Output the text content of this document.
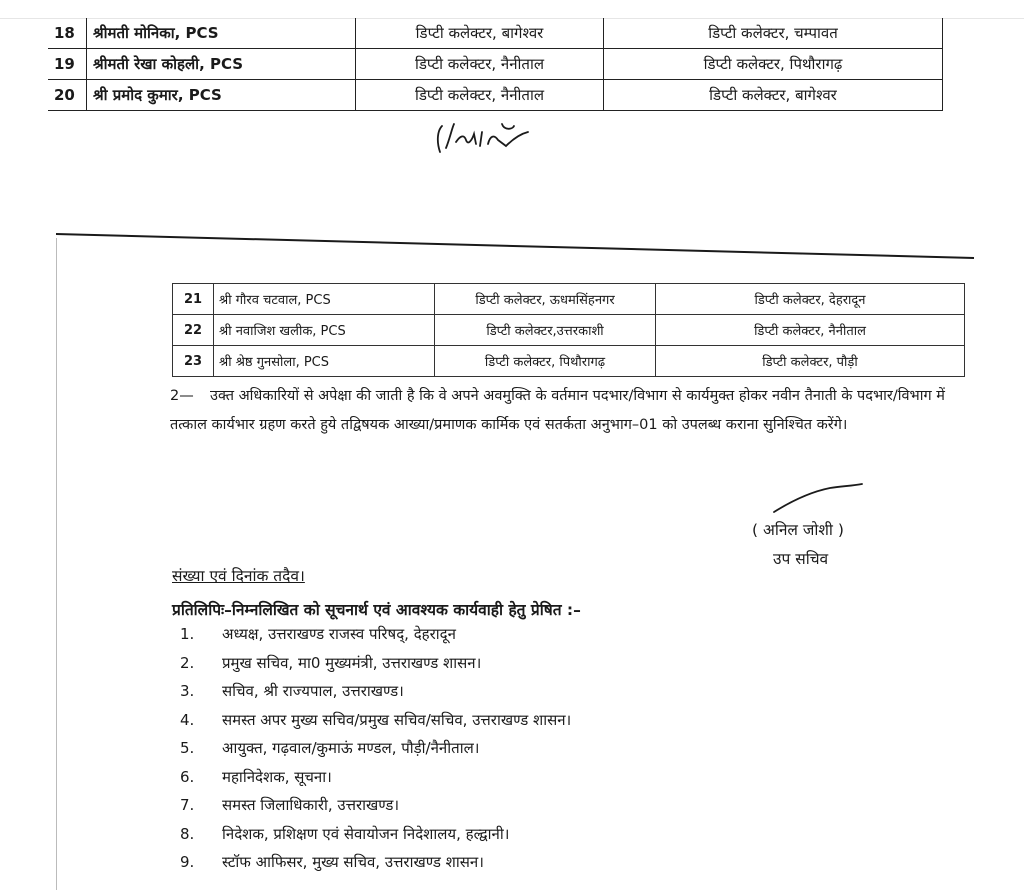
18	श्रीमती मोनिका, PCS	डिप्टी कलेक्टर, बागेश्वर	डिप्टी कलेक्टर, चम्पावत
19	श्रीमती रेखा कोहली, PCS	डिप्टी कलेक्टर, नैनीताल	डिप्टी कलेक्टर, पिथौरागढ़
20	श्री प्रमोद कुमार, PCS	डिप्टी कलेक्टर, नैनीताल	डिप्टी कलेक्टर, बागेश्वर
21	श्री गौरव चटवाल, PCS	डिप्टी कलेक्टर, ऊधमसिंहनगर	डिप्टी कलेक्टर, देहरादून
22	श्री नवाजिश खलीक, PCS	डिप्टी कलेक्टर,उत्तरकाशी	डिप्टी कलेक्टर, नैनीताल
23	श्री श्रेष्ठ गुनसोला, PCS	डिप्टी कलेक्टर, पिथौरागढ़	डिप्टी कलेक्टर, पौड़ी

2— उक्त अधिकारियों से अपेक्षा की जाती है कि वे अपने अवमुक्ति के वर्तमान पदभार/विभाग से कार्यमुक्त होकर नवीन तैनाती के पदभार/विभाग में तत्काल कार्यभार ग्रहण करते हुये तद्विषयक आख्या/प्रमाणक कार्मिक एवं सतर्कता अनुभाग–01 को उपलब्ध कराना सुनिश्चित करेंगे।

( अनिल जोशी )
उप सचिव
संख्या एवं दिनांक तदैव।
प्रतिलिपिः–निम्नलिखित को सूचनार्थ एवं आवश्यक कार्यवाही हेतु प्रेषित :–
1. अध्यक्ष, उत्तराखण्ड राजस्व परिषद्, देहरादून
2. प्रमुख सचिव, मा0 मुख्यमंत्री, उत्तराखण्ड शासन।
3. सचिव, श्री राज्यपाल, उत्तराखण्ड।
4. समस्त अपर मुख्य सचिव/प्रमुख सचिव/सचिव, उत्तराखण्ड शासन।
5. आयुक्त, गढ़वाल/कुमाऊं मण्डल, पौड़ी/नैनीताल।
6. महानिदेशक, सूचना।
7. समस्त जिलाधिकारी, उत्तराखण्ड।
8. निदेशक, प्रशिक्षण एवं सेवायोजन निदेशालय, हल्द्वानी।
9. स्टॉफ आफिसर, मुख्य सचिव, उत्तराखण्ड शासन।
